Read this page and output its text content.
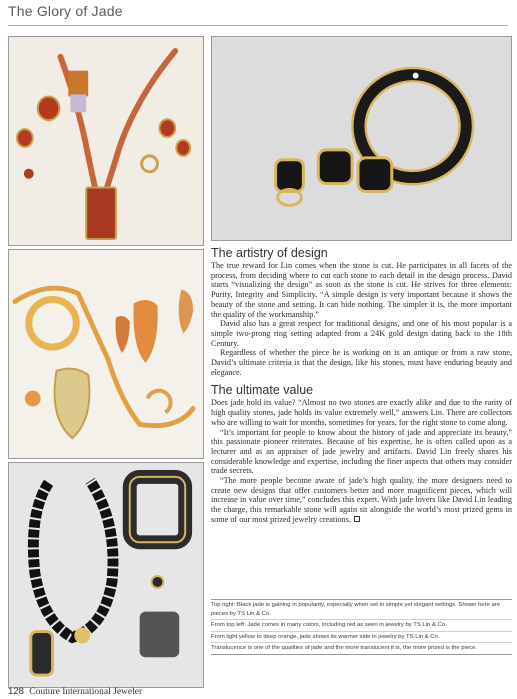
The Glory of Jade
The artistry of design

The true reward for Lin comes when the stone is cut. He participates in all facets of the process, from deciding where to cut each stone to each detail in the design process. David starts “visualizing the design” as soon as the stone is cut. He strives for three elements: Purity, Integrity and Simplicity. “A simple design is very important because it shows the beauty of the stone and setting. It can hide nothing. The simpler it is, the more important the quality of the workmanship.”

David also has a great respect for traditional designs, and one of his most popular is a simple two-prong ring setting adapted from a 24K gold design dating back to the 18th Century.

Regardless of whether the piece he is working on is an antique or from a raw stone, David’s ultimate criteria is that the design, like his stones, must have enduring beauty and elegance.

The ultimate value

Does jade hold its value? “Almost no two stones are exactly alike and due to the rarity of high quality stones, jade holds its value extremely well,” answers Lin. There are collectors who are willing to wait for months, sometimes for years, for the right stone to come along.

“It’s important for people to know about the history of jade and appreciate its beauty,” this passionate pioneer reiterates. Because of his expertise, he is often called upon as a lecturer and as an appraiser of jade jewelry and artifacts. David Lin freely shares his considerable knowledge and expertise, including the finer aspects that others may consider trade secrets.

“The more people become aware of jade’s high quality, the more designers need to create new designs that offer customers better and more magnificent pieces, which will increase in value over time,” concludes this expert. With jade lovers like David Lin leading the charge, this remarkable stone will again sit alongside the world’s most prized gems in some of our most prized jewelry creations.

Top right: Black jade is gaining in popularity, especially when set in simple yet elegant settings. Shown here are pieces by TS Lin & Co.

From top left: Jade comes in many colors, including red as seen in jewelry by TS Lin & Co.

From light yellow to deep orange, jade shows its warmer side in jewelry by TS Lin & Co.

Translucence is one of the qualities of jade and the more translucent it is, the more prized is the piece.

128 Couture International Jeweler
